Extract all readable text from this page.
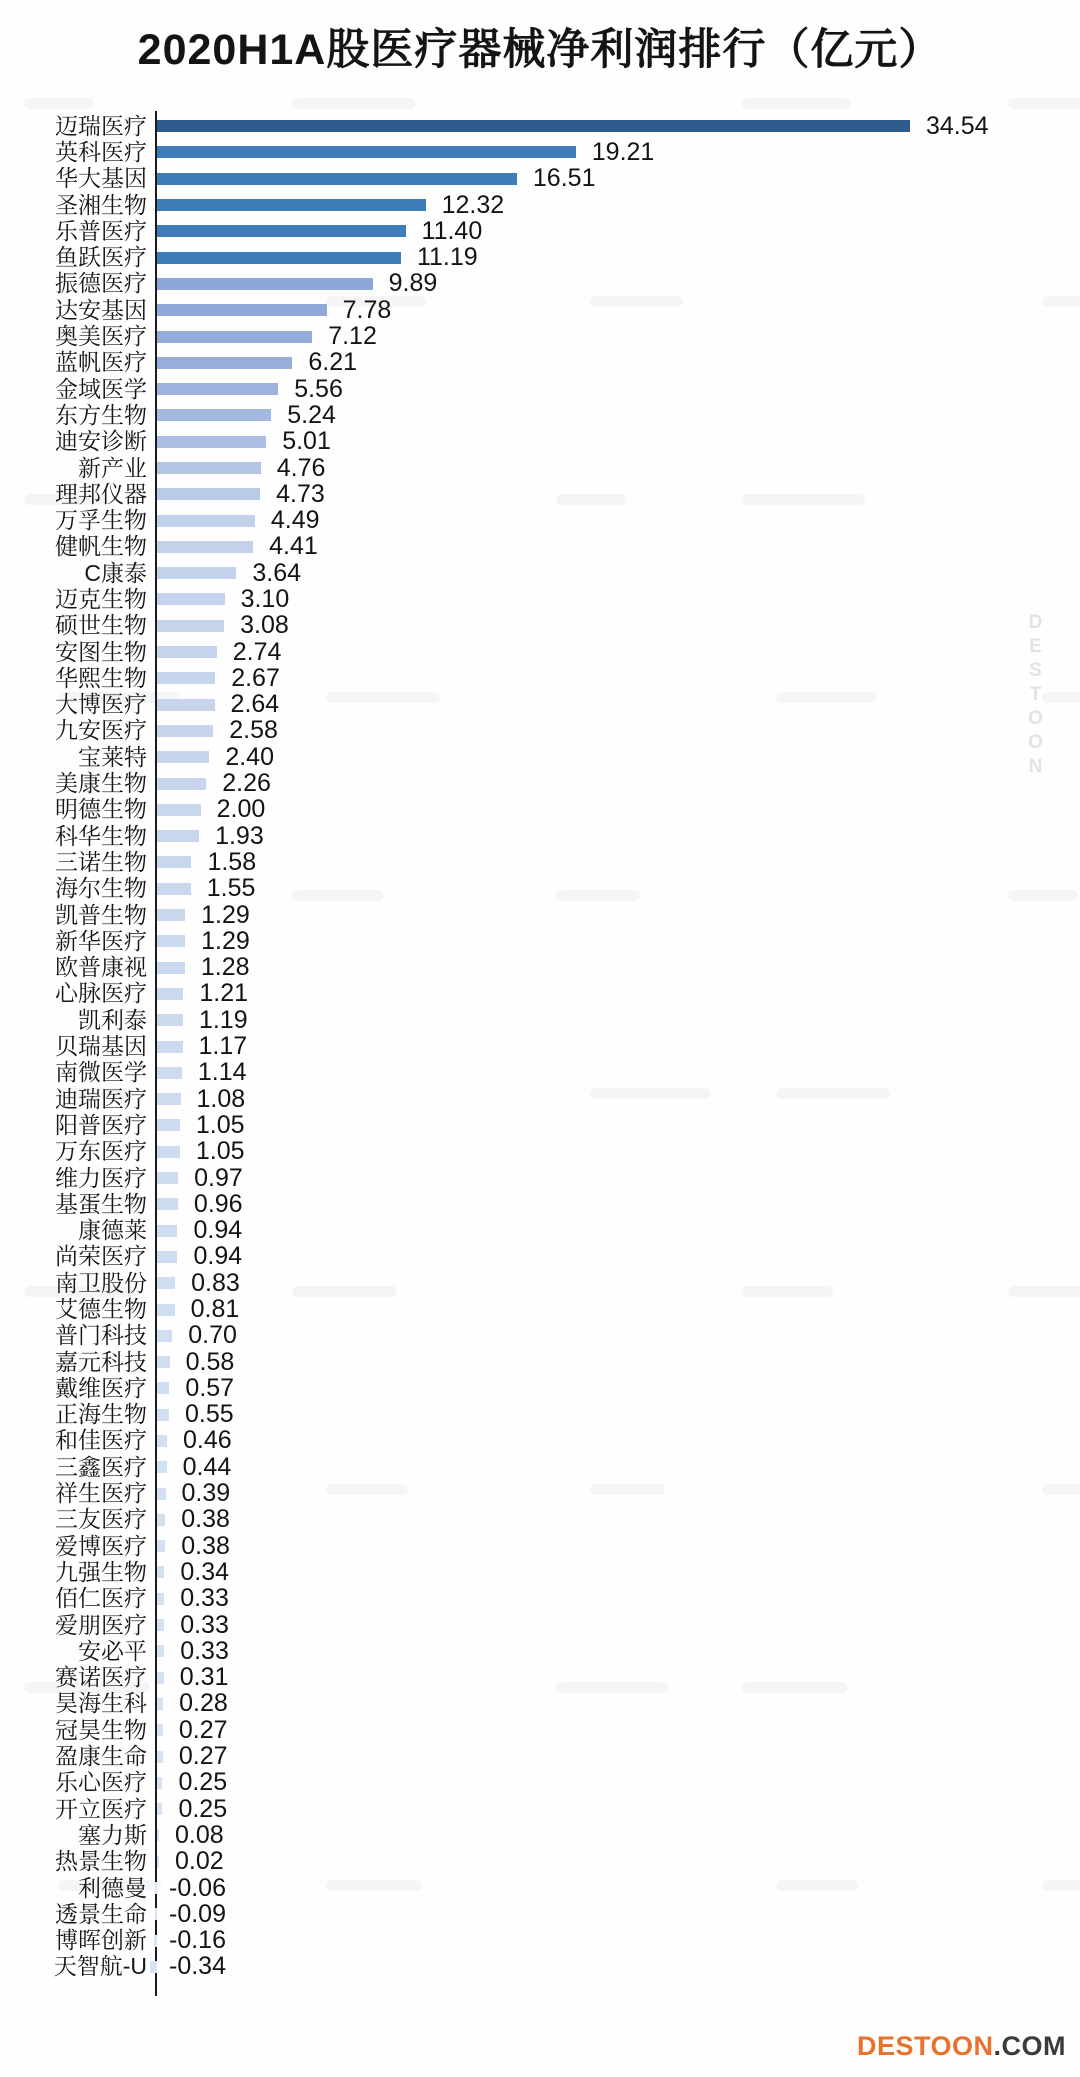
2020H1A股医疗器械净利润排行（亿元）
迈瑞医疗	34.54
英科医疗	19.21
华大基因	16.51
圣湘生物	12.32
乐普医疗	11.40
鱼跃医疗	11.19
振德医疗	9.89
达安基因	7.78
奥美医疗	7.12
蓝帆医疗	6.21
金域医学	5.56
东方生物	5.24
迪安诊断	5.01
新产业	4.76
理邦仪器	4.73
万孚生物	4.49
健帆生物	4.41
C康泰	3.64
迈克生物	3.10
硕世生物	3.08
安图生物	2.74
华熙生物	2.67
大博医疗	2.64
九安医疗	2.58
宝莱特	2.40
美康生物	2.26
明德生物	2.00
科华生物	1.93
三诺生物 1.58
海尔生物 1.55
凯普生物 1.29
新华医疗 1.29
欧普康视 1.28
心脉医疗 1.21
凯利泰 1.19
贝瑞基因 1.17
南微医学 1.14
迪瑞医疗 1.08
阳普医疗 1.05
万东医疗 1.05
维力医疗 0.97
基蛋生物 0.96
康德莱 0.94
尚荣医疗 0.94
南卫股份 0.83
艾德生物 0.81
普门科技 0.70
嘉元科技 0.58
戴维医疗 0.57
正海生物 0.55
和佳医疗 0.46
三鑫医疗 0.44
祥生医疗 0.39
三友医疗 0.38
爱博医疗 0.38
九强生物 0.34
佰仁医疗 0.33
爱朋医疗 0.33
安必平 0.33
赛诺医疗 0.31
昊海生科 0.28
冠昊生物 0.27
盈康生命 0.27
乐心医疗 0.25
开立医疗 0.25
塞力斯 0.08
热景生物 0.02
利德曼 -0.06
透景生命 -0.09
博晖创新 -0.16
天智航-U -0.34
DESTOON
DESTOON.COM
